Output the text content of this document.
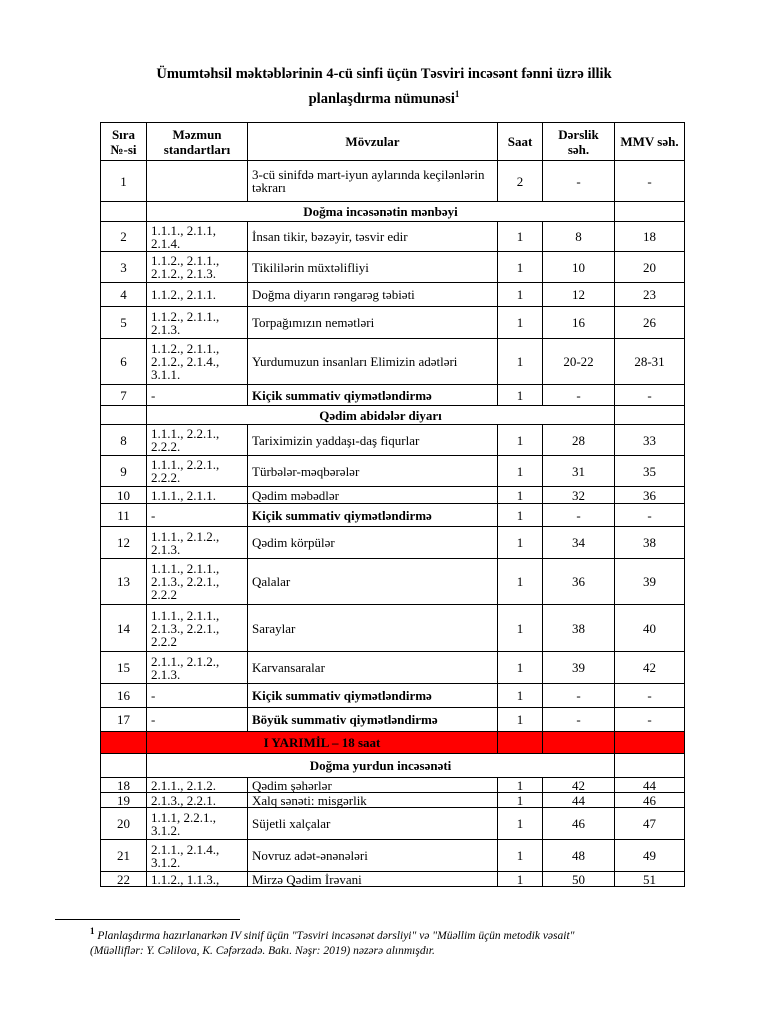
Ümumtəhsil məktəblərinin 4-cü sinfi üçün Təsviri incəsənt fənni üzrə illik
planlaşdırma nümunəsi$^1$
Sıra №-si	Məzmun standartları	Mövzular	Saat	Dərslik səh.	MMV səh.
1		3-cü sinifdə mart-iyun aylarında keçilənlərin təkrarı	2	-	-
	Doğma incəsənətin mənbəyi				
2	1.1.1., 2.1.1, 2.1.4.	İnsan tikir, bəzəyir, təsvir edir	1	8	18
3	1.1.2., 2.1.1., 2.1.2., 2.1.3.	Tikililərin müxtəlifliyi	1	10	20
4	1.1.2., 2.1.1.	Doğma diyarın rəngarəg təbiəti	1	12	23
5	1.1.2., 2.1.1., 2.1.3.	Torpağımızın nemətləri	1	16	26
6	1.1.2., 2.1.1., 2.1.2., 2.1.4., 3.1.1.	Yurdumuzun insanları Elimizin adətləri	1	20-22	28-31
7	-	Kiçik summativ qiymətləndirmə	1	-	-
	Qədim abidələr diyarı				
8	1.1.1., 2.2.1., 2.2.2.	Tariximizin yaddaşı-daş fiqurlar	1	28	33
9	1.1.1., 2.2.1., 2.2.2.	Türbələr-məqbərələr	1	31	35
10	1.1.1., 2.1.1.	Qədim məbədlər	1	32	36
11	-	Kiçik summativ qiymətləndirmə	1	-	-
12	1.1.1., 2.1.2., 2.1.3.	Qədim körpülər	1	34	38
13	1.1.1., 2.1.1., 2.1.3., 2.2.1., 2.2.2	Qalalar	1	36	39
14	1.1.1., 2.1.1., 2.1.3., 2.2.1., 2.2.2	Saraylar	1	38	40
15	2.1.1., 2.1.2., 2.1.3.	Karvansaralar	1	39	42
16	-	Kiçik summativ qiymətləndirmə	1	-	-
17	-	Böyük summativ qiymətləndirmə	1	-	-
	I YARIMİL – 18 saat				
	Doğma yurdun incəsənəti				
18	2.1.1., 2.1.2.	Qədim şəhərlər	1	42	44
19	2.1.3., 2.2.1.	Xalq sənəti: misgərlik	1	44	46
20	1.1.1, 2.2.1., 3.1.2.	Süjetli xalçalar	1	46	47
21	2.1.1., 2.1.4., 3.1.2.	Novruz adət-ənənələri	1	48	49
22	1.1.2., 1.1.3.,	Mirzə Qədim İrəvani	1	50	51
$^1$ Planlaşdırma hazırlanarkən IV sinif üçün "Təsviri incəsənət dərsliyi" və "Müəllim üçün metodik vəsait"
(Müəlliflər: Y. Cəlilova, K. Cəfərzadə. Bakı. Nəşr: 2019) nəzərə alınmışdır.
